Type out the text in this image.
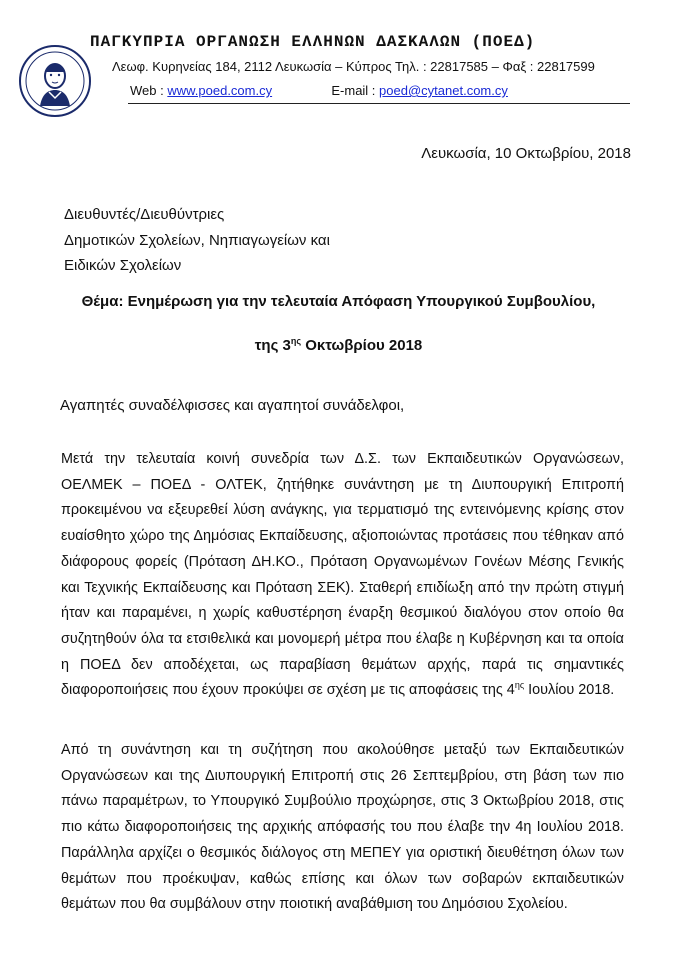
ΠΑΓΚΥΠΡΙΑ ΟΡΓΑΝΩΣΗ ΕΛΛΗΝΩΝ ΔΑΣΚΑΛΩΝ (ΠΟΕΔ)
Λεωφ. Κυρηνείας 184, 2112 Λευκωσία – Κύπρος Τηλ. : 22817585 – Φαξ : 22817599
Web : www.poed.com.cy	E-mail : poed@cytanet.com.cy
Λευκωσία, 10 Οκτωβρίου, 2018
Διευθυντές/Διευθύντριες
Δημοτικών Σχολείων, Νηπιαγωγείων και
Ειδικών Σχολείων
Θέμα: Ενημέρωση για την τελευταία Απόφαση Υπουργικού Συμβουλίου,
της $3^{\eta\varsigma}$ Οκτωβρίου 2018
Αγαπητές συναδέλφισσες και αγαπητοί συνάδελφοι,
Μετά την τελευταία κοινή συνεδρία των Δ.Σ. των Εκπαιδευτικών Οργανώσεων, ΟΕΛΜΕΚ – ΠΟΕΔ - ΟΛΤΕΚ, ζητήθηκε συνάντηση με τη Διυπουργική Επιτροπή προκειμένου να εξευρεθεί λύση ανάγκης, για τερματισμό της εντεινόμενης κρίσης στον ευαίσθητο χώρο της Δημόσιας Εκπαίδευσης, αξιοποιώντας προτάσεις που τέθηκαν από διάφορους φορείς (Πρόταση ΔΗ.ΚΟ., Πρόταση Οργανωμένων Γονέων Μέσης Γενικής και Τεχνικής Εκπαίδευσης και Πρόταση ΣΕΚ). Σταθερή επιδίωξη από την πρώτη στιγμή ήταν και παραμένει, η χωρίς καθυστέρηση έναρξη θεσμικού διαλόγου στον οποίο θα συζητηθούν όλα τα ετσιθελικά και μονομερή μέτρα που έλαβε η Κυβέρνηση και τα οποία η ΠΟΕΔ δεν αποδέχεται, ως παραβίαση θεμάτων αρχής, παρά τις σημαντικές διαφοροποιήσεις που έχουν προκύψει σε σχέση με τις αποφάσεις της $4^{\eta\varsigma}$ Ιουλίου 2018.
Από τη συνάντηση και τη συζήτηση που ακολούθησε μεταξύ των Εκπαιδευτικών Οργανώσεων και της Διυπουργική Επιτροπή στις 26 Σεπτεμβρίου, στη βάση των πιο πάνω παραμέτρων, το Υπουργικό Συμβούλιο προχώρησε, στις 3 Οκτωβρίου 2018, στις πιο κάτω διαφοροποιήσεις της αρχικής απόφασής του που έλαβε την 4η Ιουλίου 2018. Παράλληλα αρχίζει ο θεσμικός διάλογος στη ΜΕΠΕΥ για οριστική διευθέτηση όλων των θεμάτων που προέκυψαν, καθώς επίσης και όλων των σοβαρών εκπαιδευτικών θεμάτων που θα συμβάλουν στην ποιοτική αναβάθμιση του Δημόσιου Σχολείου.
